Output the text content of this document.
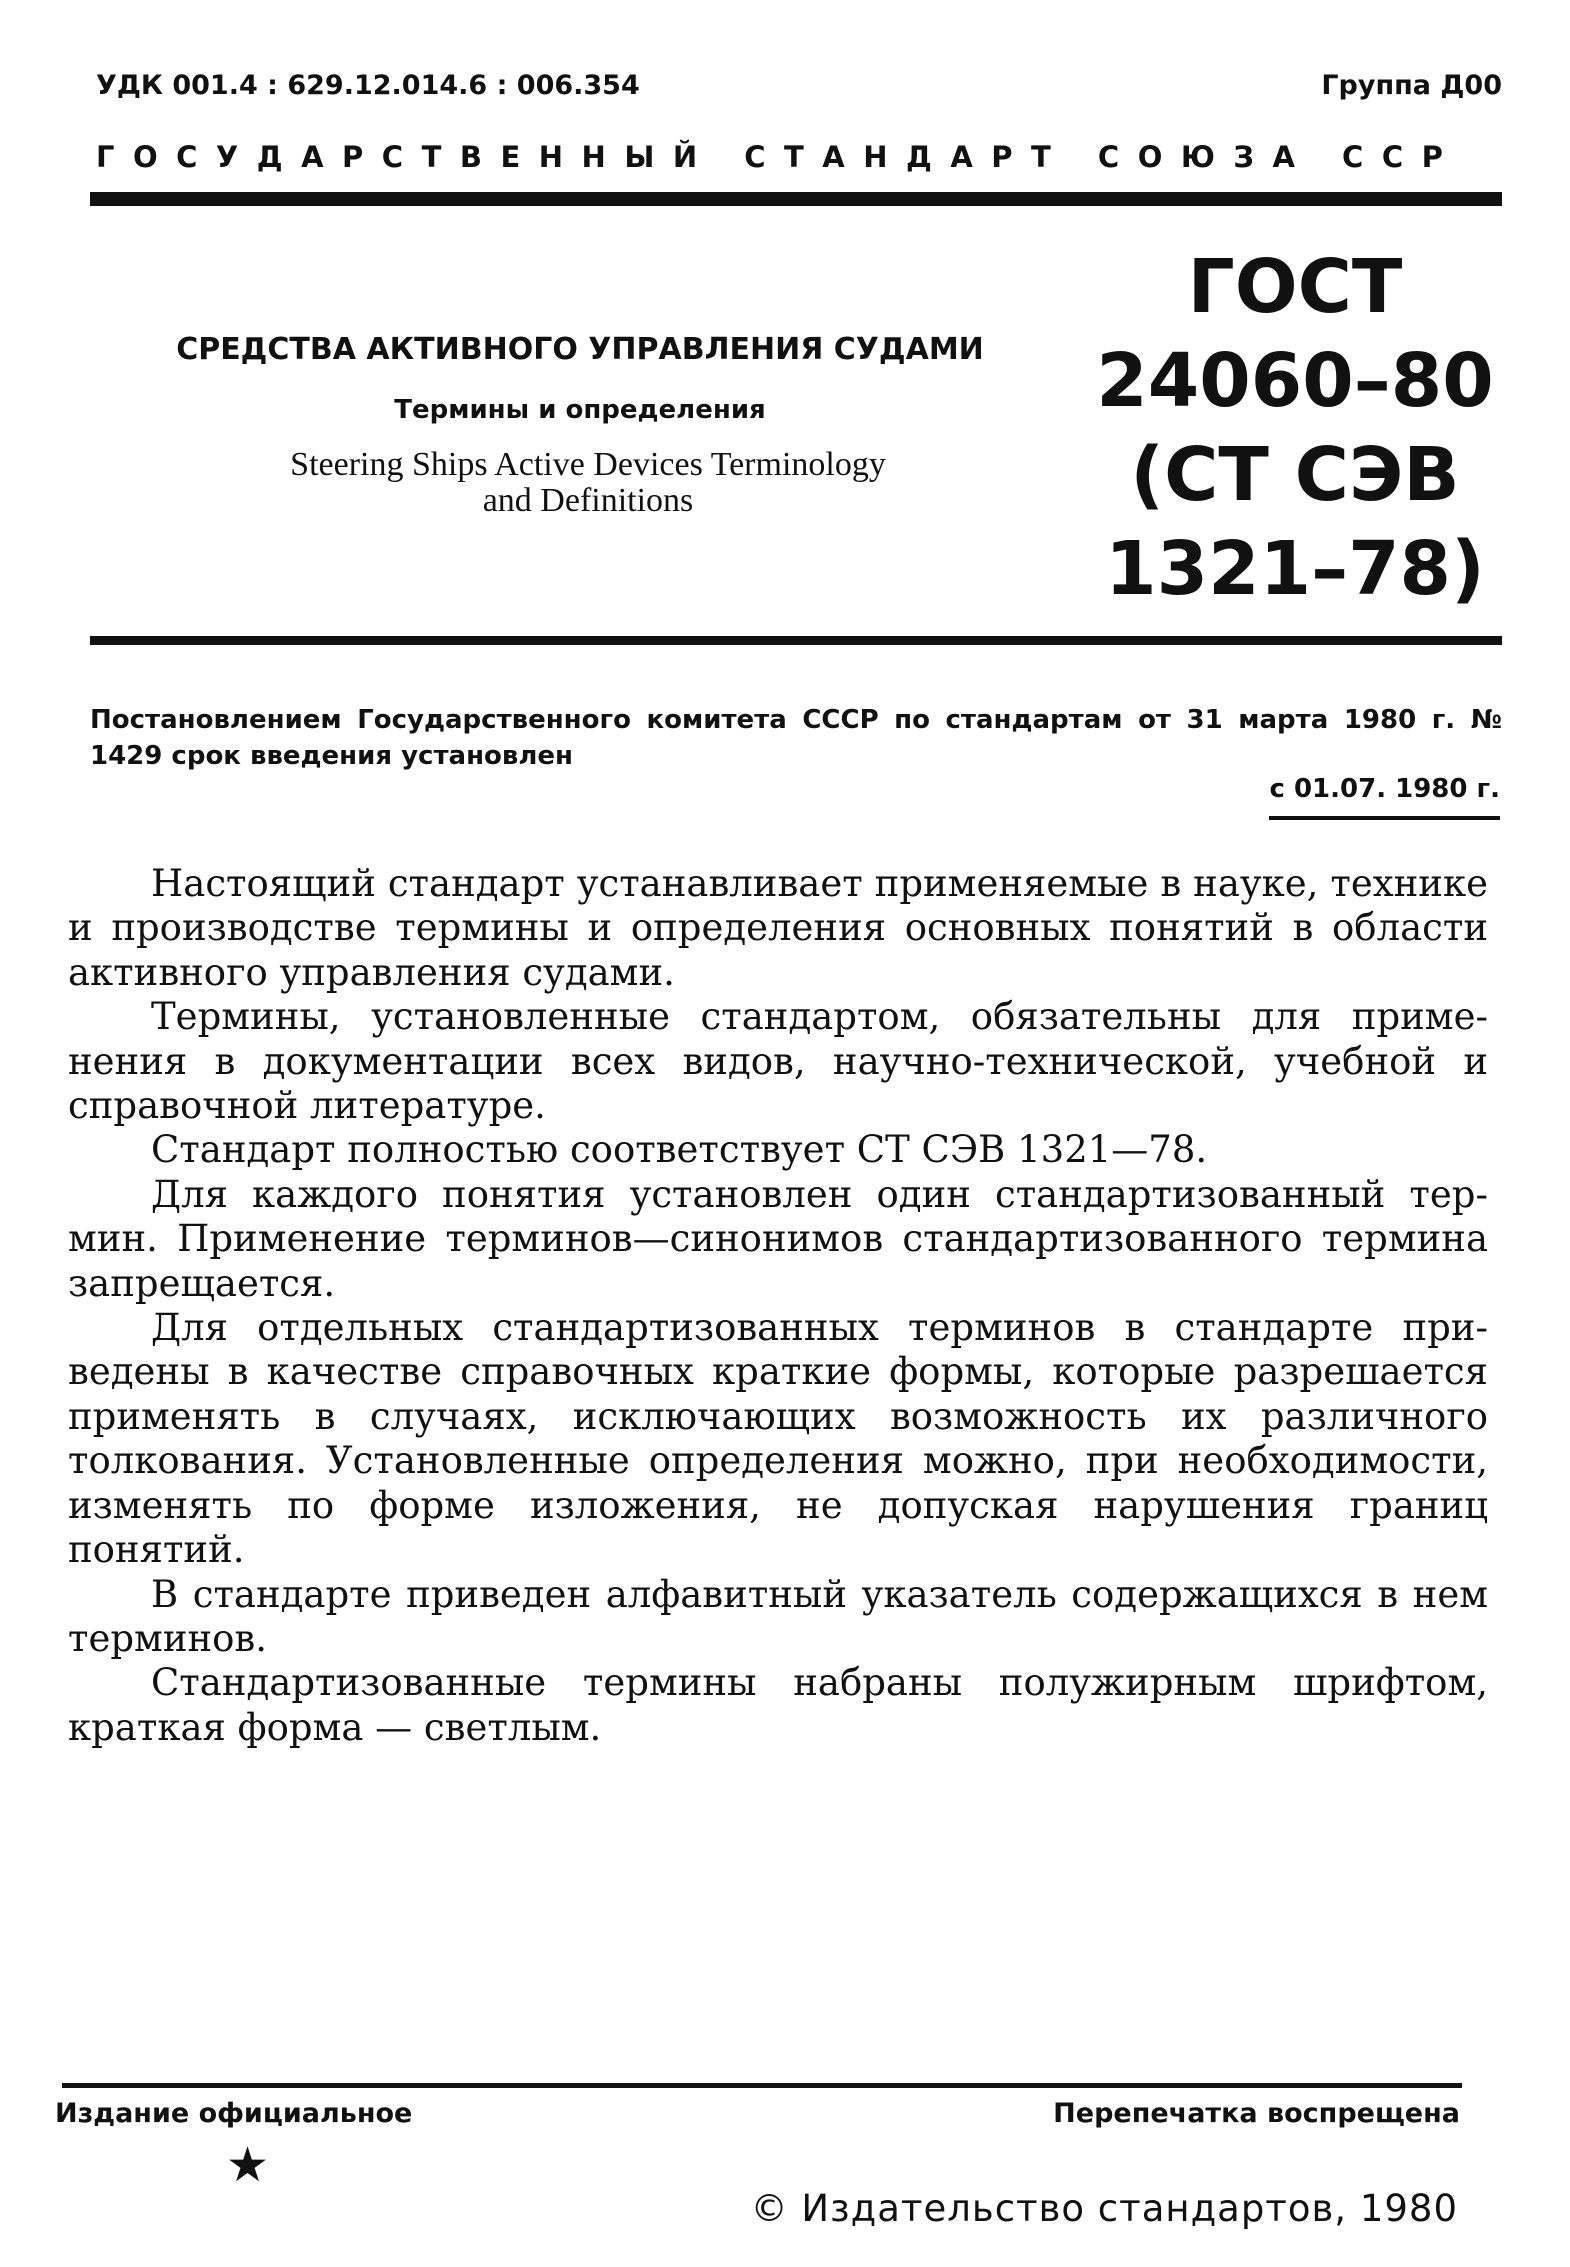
УДК 001.4 : 629.12.014.6 : 006.354	Группа Д00
ГОСУДАРСТВЕННЫЙ СТАНДАРТ СОЮЗА ССР
СРЕДСТВА АКТИВНОГО УПРАВЛЕНИЯ СУДАМИ
Термины и определения
Steering Ships Active Devices Terminology
and Definitions
ГОСТ
24060–80
(СТ СЭВ
1321–78)
Постановлением Государственного комитета СССР по стандартам от 31 марта 1980 г. № 1429 срок введения установлен
с 01.07. 1980 г.

Настоящий стандарт устанавливает применяемые в науке, технике и производстве термины и определения основных понятий в области активного управления судами.

Термины, установленные стандартом, обязательны для применения в документации всех видов, научно-технической, учебной и справочной литературе.

Стандарт полностью соответствует СТ СЭВ 1321—78.

Для каждого понятия установлен один стандартизованный термин. Применение терминов—синонимов стандартизованного термина запрещается.

Для отдельных стандартизованных терминов в стандарте приведены в качестве справочных краткие формы, которые разрешается применять в случаях, исключающих возможность их различного толкования. Установленные определения можно, при необходимости, изменять по форме изложения, не допуская нарушения границ понятий.

В стандарте приведен алфавитный указатель содержащихся в нем терминов.

Стандартизованные термины набраны полужирным шрифтом, краткая форма — светлым.

Издание официальное	Перепечатка воспрещена
★
© Издательство стандартов, 1980
